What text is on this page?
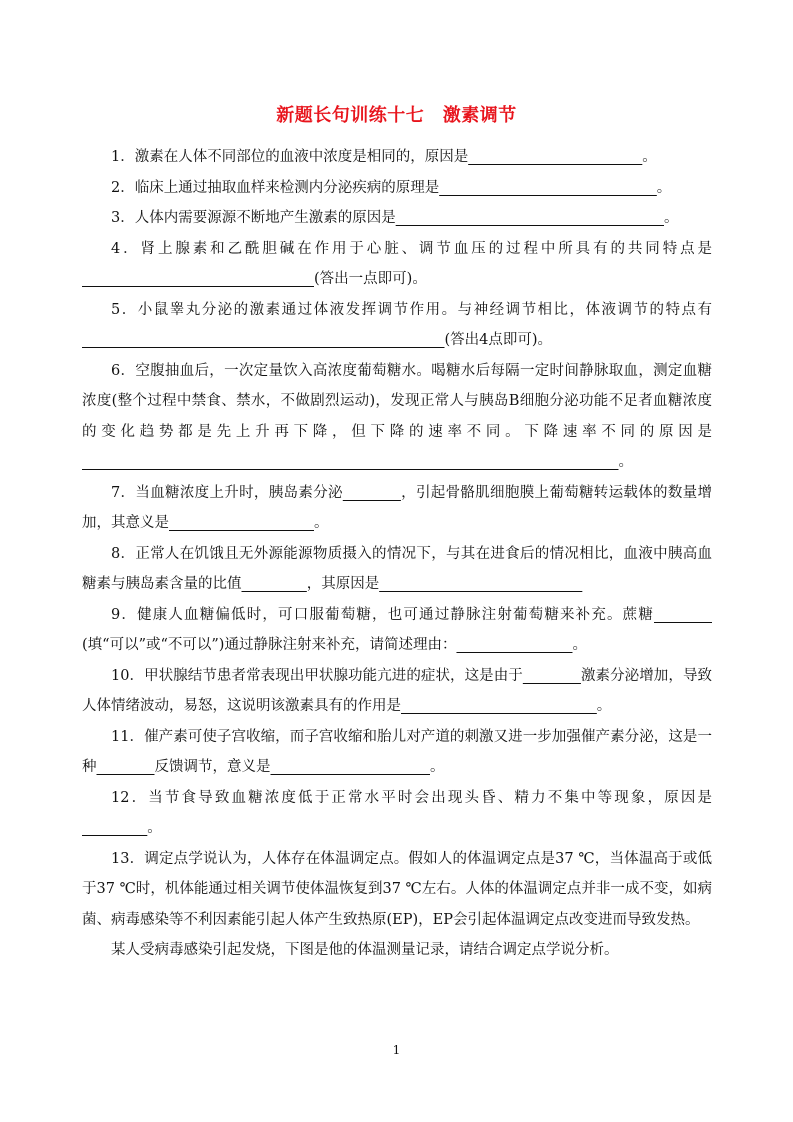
新题长句训练十七　激素调节

1．激素在人体不同部位的血液中浓度是相同的，原因是________________________。

2．临床上通过抽取血样来检测内分泌疾病的原理是______________________________。

3．人体内需要源源不断地产生激素的原因是_____________________________________。

4．肾上腺素和乙酰胆碱在作用于心脏、调节血压的过程中所具有的共同特点是________________________________(答出一点即可)。

5．小鼠睾丸分泌的激素通过体液发挥调节作用。与神经调节相比，体液调节的特点有__________________________________________________(答出4点即可)。

6．空腹抽血后，一次定量饮入高浓度葡萄糖水。喝糖水后每隔一定时间静脉取血，测定血糖浓度(整个过程中禁食、禁水，不做剧烈运动)，发现正常人与胰岛B细胞分泌功能不足者血糖浓度的变化趋势都是先上升再下降，但下降的速率不同。下降速率不同的原因是__________________________________________________________________________。

7．当血糖浓度上升时，胰岛素分泌________，引起骨骼肌细胞膜上葡萄糖转运载体的数量增加，其意义是____________________。

8．正常人在饥饿且无外源能源物质摄入的情况下，与其在进食后的情况相比，血液中胰高血糖素与胰岛素含量的比值_________，其原因是____________________________

9．健康人血糖偏低时，可口服葡萄糖，也可通过静脉注射葡萄糖来补充。蔗糖________(填“可以”或“不可以”)通过静脉注射来补充，请简述理由：________________。

10．甲状腺结节患者常表现出甲状腺功能亢进的症状，这是由于________激素分泌增加，导致人体情绪波动，易怒，这说明该激素具有的作用是___________________________。

11．催产素可使子宫收缩，而子宫收缩和胎儿对产道的刺激又进一步加强催产素分泌，这是一种________反馈调节，意义是______________________。

12．当节食导致血糖浓度低于正常水平时会出现头昏、精力不集中等现象，原因是_________。

13．调定点学说认为，人体存在体温调定点。假如人的体温调定点是37 ℃，当体温高于或低于37 ℃时，机体能通过相关调节使体温恢复到37 ℃左右。人体的体温调定点并非一成不变，如病菌、病毒感染等不利因素能引起人体产生致热原(EP)，EP会引起体温调定点改变进而导致发热。

某人受病毒感染引起发烧，下图是他的体温测量记录，请结合调定点学说分析。

1
